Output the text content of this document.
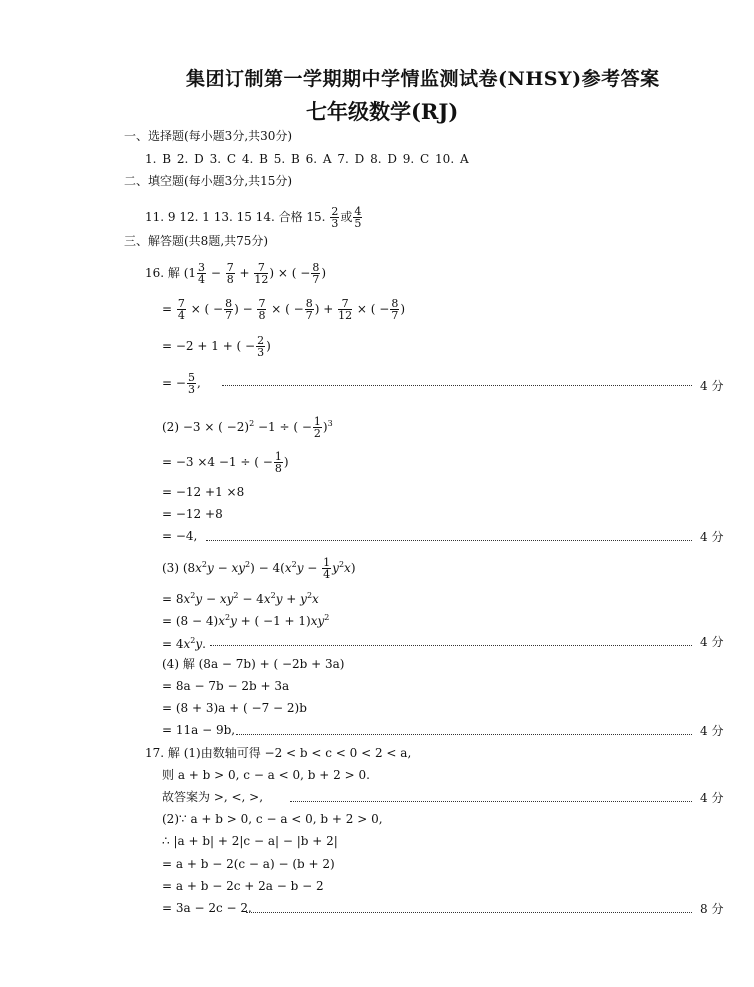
集团订制第一学期期中学情监测试卷(NHSY)参考答案
七年级数学(RJ)
一、选择题(每小题3分,共30分)
1. B 2. D 3. C 4. B 5. B 6. A 7. D 8. D 9. C 10. A
二、填空题(每小题3分,共15分)
11. 9 12. 1 13. 15 14. 合格 15. $\frac{2}{3}$ 或 $\frac{4}{5}$
三、解答题(共8题,共75分)
16. 解 ($1 \frac{3}{4} - \frac{7}{8} + \frac{7}{12}$ ) × ( − $\frac{8}{7}$ )
= $\frac{7}{4}$ × ( − $\frac{8}{7}$ ) − $\frac{7}{8}$ × ( − $\frac{8}{7}$ ) + $\frac{7}{12}$ × ( − $\frac{8}{7}$ )
= −2 + 1 + ( − $\frac{2}{3}$ )
= − $\frac{5}{3}$ ,	4 分
(2) −3 × ( −2)$^2$ −1 ÷ ( − $\frac{1}{2} )^3$
= −3 ×4 −1 ÷ ( − $\frac{1}{8}$ )
= −12 +1 ×8
= −12 +8
= −4,	4 分
(3) $(8x^2y - xy^2) - 4(x^2y - \frac{1}{4} y^2x)$
= $8x^2y - xy^2 - 4x^2y + y^2x$
= $(8 - 4)x^2y$ + ( $-1 + 1)xy^2$
= $4x^2y$.	4 分
(4) 解 (8a − 7b) + ( −2b + 3a)
= 8a − 7b − 2b + 3a
= (8 + 3)a + ( −7 − 2)b
= 11a − 9b,	4 分
17. 解 (1)由数轴可得 −2 < b < c < 0 < 2 < a,
则 a + b > 0, c − a < 0, b + 2 > 0.
故答案为 >, <, >,	4 分
(2)∵ a + b > 0, c − a < 0, b + 2 > 0,
∴ |a + b| + 2|c − a| − |b + 2|
= a + b − 2(c − a) − (b + 2)
= a + b − 2c + 2a − b − 2
= 3a − 2c − 2.	8 分
